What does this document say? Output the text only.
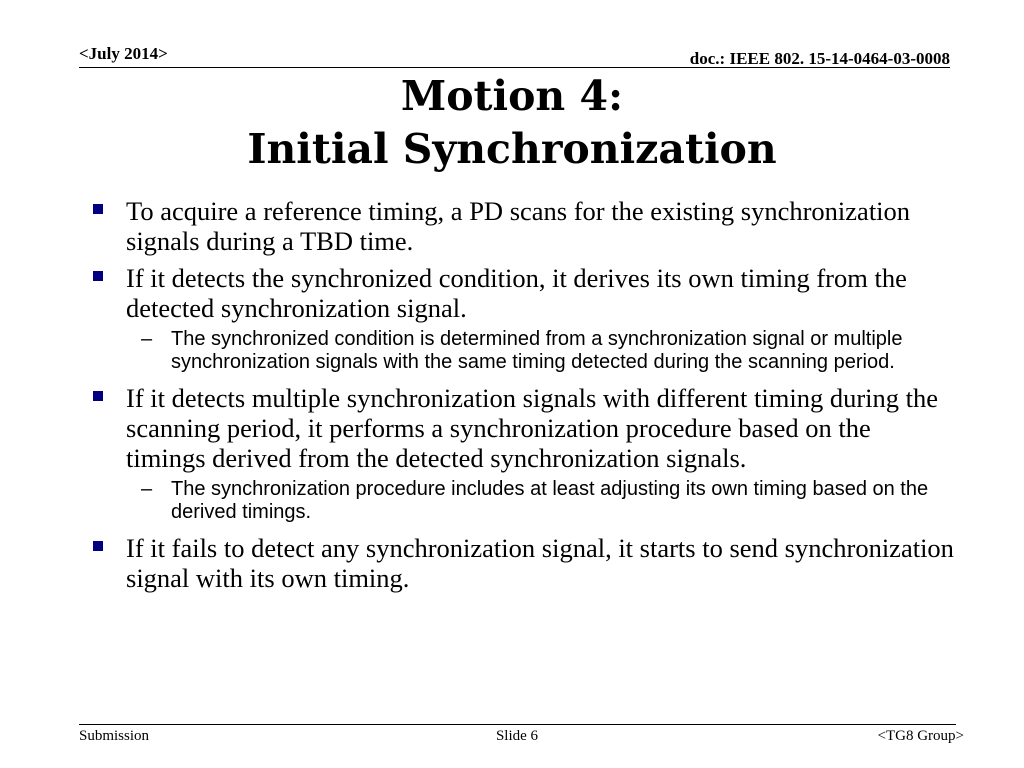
<July 2014>	doc.: IEEE 802. 15-14-0464-03-0008
Motion 4:
Initial Synchronization
To acquire a reference timing, a PD scans for the existing synchronization signals during a TBD time.
If it detects the synchronized condition, it derives its own timing from the detected synchronization signal.
– The synchronized condition is determined from a synchronization signal or multiple synchronization signals with the same timing detected during the scanning period.
If it detects multiple synchronization signals with different timing during the scanning period, it performs a synchronization procedure based on the timings derived from the detected synchronization signals.
– The synchronization procedure includes at least adjusting its own timing based on the derived timings.
If it fails to detect any synchronization signal, it starts to send synchronization signal with its own timing.
Submission	Slide 6	<TG8 Group>
